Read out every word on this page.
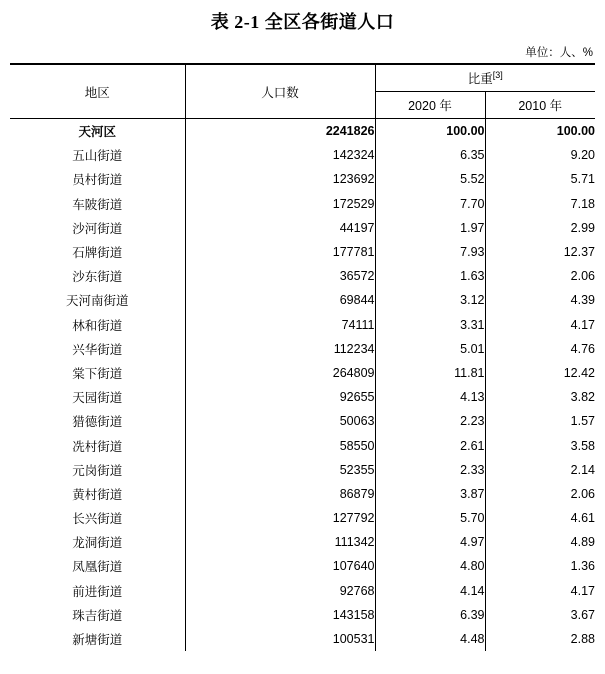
表 2-1 全区各街道人口
单位：人、%
地区	人口数	比重[3]
		2020 年	2010 年
天河区	2241826	100.00	100.00
五山街道	142324	6.35	9.20
员村街道	123692	5.52	5.71
车陂街道	172529	7.70	7.18
沙河街道	44197	1.97	2.99
石牌街道	177781	7.93	12.37
沙东街道	36572	1.63	2.06
天河南街道	69844	3.12	4.39
林和街道	74111	3.31	4.17
兴华街道	112234	5.01	4.76
棠下街道	264809	11.81	12.42
天园街道	92655	4.13	3.82
猎德街道	50063	2.23	1.57
冼村街道	58550	2.61	3.58
元岗街道	52355	2.33	2.14
黄村街道	86879	3.87	2.06
长兴街道	127792	5.70	4.61
龙洞街道	111342	4.97	4.89
凤凰街道	107640	4.80	1.36
前进街道	92768	4.14	4.17
珠吉街道	143158	6.39	3.67
新塘街道	100531	4.48	2.88
